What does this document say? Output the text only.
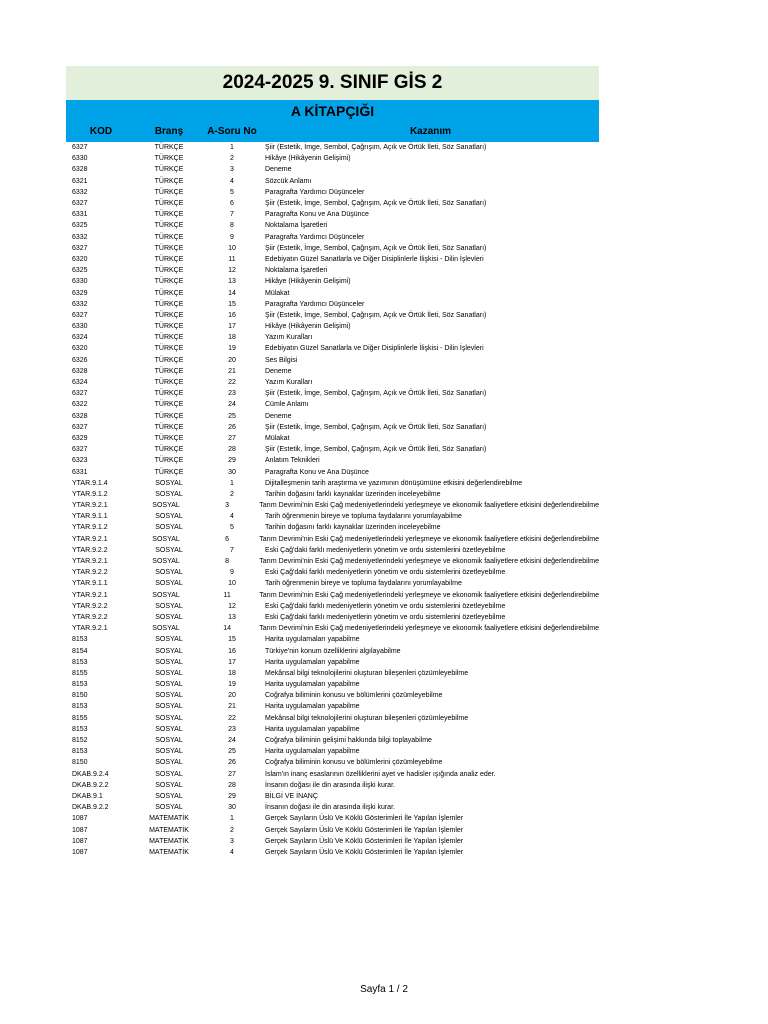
2024-2025 9. SINIF GİS 2
A KİTAPÇIĞI
KOD	Branş	A-Soru No	Kazanım
6327	TÜRKÇE	1	Şiir (Estetik, İmge, Sembol, Çağrışım, Açık ve Örtük İleti, Söz Sanatları)
6330	TÜRKÇE	2	Hikâye (Hikâyenin Gelişimi)
6328	TÜRKÇE	3	Deneme
6321	TÜRKÇE	4	Sözcük Anlamı
6332	TÜRKÇE	5	Paragrafta Yardımcı Düşünceler
6327	TÜRKÇE	6	Şiir (Estetik, İmge, Sembol, Çağrışım, Açık ve Örtük İleti, Söz Sanatları)
6331	TÜRKÇE	7	Paragrafta Konu ve Ana Düşünce
6325	TÜRKÇE	8	Noktalama İşaretleri
6332	TÜRKÇE	9	Paragrafta Yardımcı Düşünceler
6327	TÜRKÇE	10	Şiir (Estetik, İmge, Sembol, Çağrışım, Açık ve Örtük İleti, Söz Sanatları)
6320	TÜRKÇE	11	Edebiyatın Güzel Sanatlarla ve Diğer Disiplinlerle İlişkisi - Dilin İşlevleri
6325	TÜRKÇE	12	Noktalama İşaretleri
6330	TÜRKÇE	13	Hikâye (Hikâyenin Gelişimi)
6329	TÜRKÇE	14	Mülakat
6332	TÜRKÇE	15	Paragrafta Yardımcı Düşünceler
6327	TÜRKÇE	16	Şiir (Estetik, İmge, Sembol, Çağrışım, Açık ve Örtük İleti, Söz Sanatları)
6330	TÜRKÇE	17	Hikâye (Hikâyenin Gelişimi)
6324	TÜRKÇE	18	Yazım Kuralları
6320	TÜRKÇE	19	Edebiyatın Güzel Sanatlarla ve Diğer Disiplinlerle İlişkisi - Dilin İşlevleri
6326	TÜRKÇE	20	Ses Bilgisi
6328	TÜRKÇE	21	Deneme
6324	TÜRKÇE	22	Yazım Kuralları
6327	TÜRKÇE	23	Şiir (Estetik, İmge, Sembol, Çağrışım, Açık ve Örtük İleti, Söz Sanatları)
6322	TÜRKÇE	24	Cümle Anlamı
6328	TÜRKÇE	25	Deneme
6327	TÜRKÇE	26	Şiir (Estetik, İmge, Sembol, Çağrışım, Açık ve Örtük İleti, Söz Sanatları)
6329	TÜRKÇE	27	Mülakat
6327	TÜRKÇE	28	Şiir (Estetik, İmge, Sembol, Çağrışım, Açık ve Örtük İleti, Söz Sanatları)
6323	TÜRKÇE	29	Anlatım Teknikleri
6331	TÜRKÇE	30	Paragrafta Konu ve Ana Düşünce
YTAR.9.1.4	SOSYAL	1	Dijitalleşmenin tarih araştırma ve yazımının dönüşümüne etkisini değerlendirebilme
YTAR.9.1.2	SOSYAL	2	Tarihin doğasını farklı kaynaklar üzerinden inceleyebilme
YTAR.9.2.1	SOSYAL	3	Tarım Devrimi'nin Eski Çağ medeniyetlerindeki yerleşmeye ve ekonomik faaliyetlere etkisini değerlendirebilme
YTAR.9.1.1	SOSYAL	4	Tarih öğrenmenin bireye ve topluma faydalarını yorumlayabilme
YTAR.9.1.2	SOSYAL	5	Tarihin doğasını farklı kaynaklar üzerinden inceleyebilme
YTAR.9.2.1	SOSYAL	6	Tarım Devrimi'nin Eski Çağ medeniyetlerindeki yerleşmeye ve ekonomik faaliyetlere etkisini değerlendirebilme
YTAR.9.2.2	SOSYAL	7	Eski Çağ'daki farklı medeniyetlerin yönetim ve ordu sistemlerini özetleyebilme
YTAR.9.2.1	SOSYAL	8	Tarım Devrimi'nin Eski Çağ medeniyetlerindeki yerleşmeye ve ekonomik faaliyetlere etkisini değerlendirebilme
YTAR.9.2.2	SOSYAL	9	Eski Çağ'daki farklı medeniyetlerin yönetim ve ordu sistemlerini özetleyebilme
YTAR.9.1.1	SOSYAL	10	Tarih öğrenmenin bireye ve topluma faydalarını yorumlayabilme
YTAR.9.2.1	SOSYAL	11	Tarım Devrimi'nin Eski Çağ medeniyetlerindeki yerleşmeye ve ekonomik faaliyetlere etkisini değerlendirebilme
YTAR.9.2.2	SOSYAL	12	Eski Çağ'daki farklı medeniyetlerin yönetim ve ordu sistemlerini özetleyebilme
YTAR.9.2.2	SOSYAL	13	Eski Çağ'daki farklı medeniyetlerin yönetim ve ordu sistemlerini özetleyebilme
YTAR.9.2.1	SOSYAL	14	Tarım Devrimi'nin Eski Çağ medeniyetlerindeki yerleşmeye ve ekonomik faaliyetlere etkisini değerlendirebilme
8153	SOSYAL	15	Harita uygulamaları yapabilme
8154	SOSYAL	16	Türkiye'nin konum özelliklerini algılayabilme
8153	SOSYAL	17	Harita uygulamaları yapabilme
8155	SOSYAL	18	Mekânsal bilgi teknolojilerini oluşturan bileşenleri çözümleyebilme
8153	SOSYAL	19	Harita uygulamaları yapabilme
8150	SOSYAL	20	Coğrafya biliminin konusu ve bölümlerini çözümleyebilme
8153	SOSYAL	21	Harita uygulamaları yapabilme
8155	SOSYAL	22	Mekânsal bilgi teknolojilerini oluşturan bileşenleri çözümleyebilme
8153	SOSYAL	23	Harita uygulamaları yapabilme
8152	SOSYAL	24	Coğrafya biliminin gelişimi hakkında bilgi toplayabilme
8153	SOSYAL	25	Harita uygulamaları yapabilme
8150	SOSYAL	26	Coğrafya biliminin konusu ve bölümlerini çözümleyebilme
DKAB.9.2.4	SOSYAL	27	İslam'ın inanç esaslarının özelliklerini ayet ve hadisler ışığında analiz eder.
DKAB.9.2.2	SOSYAL	28	İnsanın doğası ile din arasında ilişki kurar.
DKAB.9.1	SOSYAL	29	BİLGİ VE İNANÇ
DKAB.9.2.2	SOSYAL	30	İnsanın doğası ile din arasında ilişki kurar.
1087	MATEMATİK	1	Gerçek Sayıların Üslü Ve Köklü Gösterimleri İle Yapılan İşlemler
1087	MATEMATİK	2	Gerçek Sayıların Üslü Ve Köklü Gösterimleri İle Yapılan İşlemler
1087	MATEMATİK	3	Gerçek Sayıların Üslü Ve Köklü Gösterimleri İle Yapılan İşlemler
1087	MATEMATİK	4	Gerçek Sayıların Üslü Ve Köklü Gösterimleri İle Yapılan İşlemler
Sayfa 1 / 2
